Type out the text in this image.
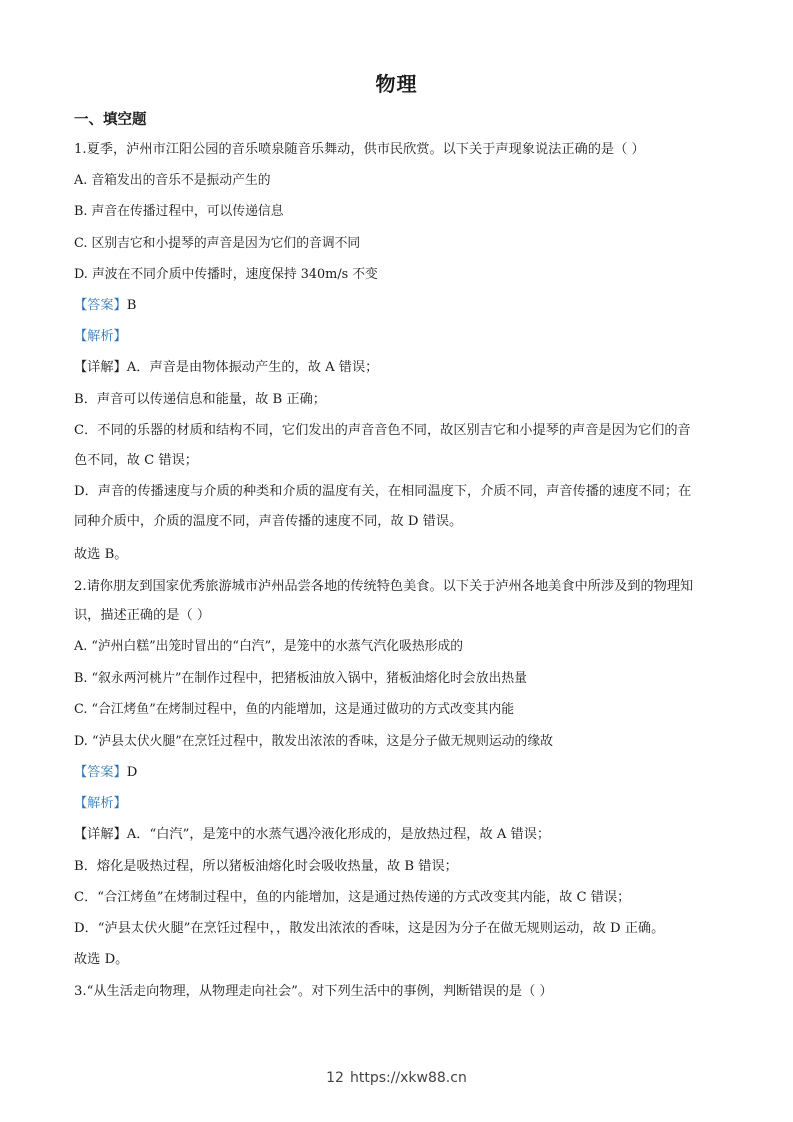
物理
一、填空题
1.夏季，泸州市江阳公园的音乐喷泉随音乐舞动，供市民欣赏。以下关于声现象说法正确的是（ ）
A. 音箱发出的音乐不是振动产生的
B. 声音在传播过程中，可以传递信息
C. 区别吉它和小提琴的声音是因为它们的音调不同
D. 声波在不同介质中传播时，速度保持 340m/s 不变
【答案】B
【解析】
【详解】A．声音是由物体振动产生的，故 A 错误；
B．声音可以传递信息和能量，故 B 正确；
C．不同的乐器的材质和结构不同，它们发出的声音音色不同，故区别吉它和小提琴的声音是因为它们的音
色不同，故 C 错误；
D．声音的传播速度与介质的种类和介质的温度有关，在相同温度下，介质不同，声音传播的速度不同；在
同种介质中，介质的温度不同，声音传播的速度不同，故 D 错误。
故选 B。
2.请你朋友到国家优秀旅游城市泸州品尝各地的传统特色美食。以下关于泸州各地美食中所涉及到的物理知
识，描述正确的是（ ）
A. “泸州白糕”出笼时冒出的“白汽”，是笼中的水蒸气汽化吸热形成的
B. “叙永两河桃片”在制作过程中，把猪板油放入锅中，猪板油熔化时会放出热量
C. “合江烤鱼”在烤制过程中，鱼的内能增加，这是通过做功的方式改变其内能
D. “泸县太伏火腿”在烹饪过程中，散发出浓浓的香味，这是分子做无规则运动的缘故
【答案】D
【解析】
【详解】A．“白汽”，是笼中的水蒸气遇冷液化形成的，是放热过程，故 A 错误；
B．熔化是吸热过程，所以猪板油熔化时会吸收热量，故 B 错误；
C．“合江烤鱼”在烤制过程中，鱼的内能增加，这是通过热传递的方式改变其内能，故 C 错误；
D．“泸县太伏火腿”在烹饪过程中，，散发出浓浓的香味，这是因为分子在做无规则运动，故 D 正确。
故选 D。
3.“从生活走向物理，从物理走向社会”。对下列生活中的事例，判断错误的是（ ）
12 https://xkw88.cn
